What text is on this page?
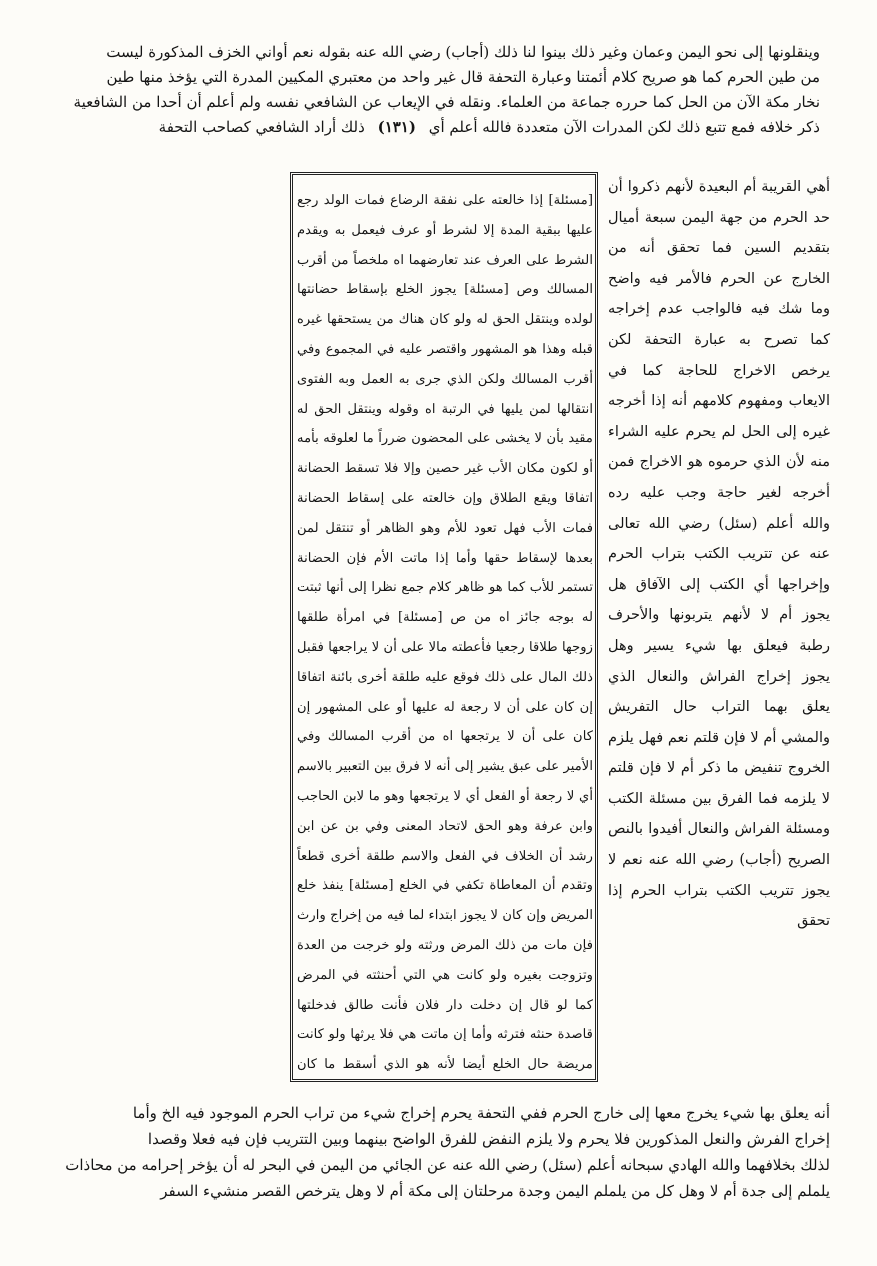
وينقلونها إلى نحو اليمن وعمان وغير ذلك بينوا لنا ذلك (أجاب) رضي الله عنه بقوله نعم أواني الخزف المذكورة ليست
من طين الحرم كما هو صريح كلام أئمتنا وعبارة التحفة قال غير واحد من معتبري المكيين المدرة التي يؤخذ منها طين
نخار مكة الآن من الحل كما حرره جماعة من العلماء. ونقله في الإيعاب عن الشافعي نفسه ولم أعلم أن أحدا من الشافعية
ذكر خلافه فمع تتبع ذلك لكن المدرات الآن متعددة فالله أعلم أي (١٣١) ذلك أراد الشافعي كصاحب التحفة
أهي القريبة أم البعيدة لأنهم ذكروا أن حد الحرم من جهة اليمن سبعة أميال بتقديم السين فما تحقق أنه من الخارج عن الحرم فالأمر فيه واضح وما شك فيه فالواجب عدم إخراجه كما تصرح به عبارة التحفة لكن يرخص الاخراج للحاجة كما في الايعاب ومفهوم كلامهم أنه إذا أخرجه غيره إلى الحل لم يحرم عليه الشراء منه لأن الذي حرموه هو الاخراج فمن أخرجه لغير حاجة وجب عليه رده والله أعلم (سئل) رضي الله تعالى عنه عن تتريب الكتب بتراب الحرم وإخراجها أي الكتب إلى الآفاق هل يجوز أم لا لأنهم يتربونها والأحرف رطبة فيعلق بها شيء يسير وهل يجوز إخراج الفراش والنعال الذي يعلق بهما التراب حال التفريش والمشي أم لا فإن قلتم نعم فهل يلزم الخروج تنفيض ما ذكر أم لا فإن قلتم لا يلزمه فما الفرق بين مسئلة الكتب ومسئلة الفراش والنعال أفيدوا بالنص الصريح (أجاب) رضي الله عنه نعم لا يجوز تتريب الكتب بتراب الحرم إذا تحقق
[مسئلة] إذا خالعته على نفقة الرضاع فمات الولد رجع عليها ببقية المدة إلا لشرط أو عرف فيعمل به ويقدم الشرط على العرف عند تعارضهما اه ملخصاً من أقرب المسالك وص [مسئلة] يجوز الخلع بإسقاط حضانتها لولده وينتقل الحق له ولو كان هناك من يستحقها غيره قبله وهذا هو المشهور واقتصر عليه في المجموع وفي أقرب المسالك ولكن الذي جرى به العمل وبه الفتوى انتقالها لمن يليها في الرتبة اه وقوله وينتقل الحق له مقيد بأن لا يخشى على المحضون ضرراً ما لعلوقه بأمه أو لكون مكان الأب غير حصين وإلا فلا تسقط الحضانة اتفاقا ويقع الطلاق وإن خالعته على إسقاط الحضانة فمات الأب فهل تعود للأم وهو الظاهر أو تنتقل لمن بعدها لإسقاط حقها وأما إذا ماتت الأم فإن الحضانة تستمر للأب كما هو ظاهر كلام جمع نظرا إلى أنها ثبتت له بوجه جائز اه من ص [مسئلة] في امرأة طلقها زوجها طلاقا رجعيا فأعطته مالا على أن لا يراجعها فقبل ذلك المال على ذلك فوقع عليه طلقة أخرى بائنة اتفاقا إن كان على أن لا رجعة له عليها أو على المشهور إن كان على أن لا يرتجعها اه من أقرب المسالك وفي الأمير على عبق يشير إلى أنه لا فرق بين التعبير بالاسم أي لا رجعة أو الفعل أي لا يرتجعها وهو ما لابن الحاجب وابن عرفة وهو الحق لاتحاد المعنى وفي بن عن ابن رشد أن الخلاف في الفعل والاسم طلقة أخرى قطعاً وتقدم أن المعاطاة تكفي في الخلع [مسئلة] ينفذ خلع المريض وإن كان لا يجوز ابتداء لما فيه من إخراج وارث فإن مات من ذلك المرض ورثته ولو خرجت من العدة وتزوجت بغيره ولو كانت هي التي أحنثته في المرض كما لو قال إن دخلت دار فلان فأنت طالق فدخلتها قاصدة حنثه فترثه وأما إن ماتت هي فلا يرثها ولو كانت مريضة حال الخلع أيضا لأنه هو الذي أسقط ما كان
أنه يعلق بها شيء يخرج معها إلى خارج الحرم ففي التحفة يحرم إخراج شيء من تراب الحرم الموجود فيه الخ وأما
إخراج الفرش والنعل المذكورين فلا يحرم ولا يلزم النفض للفرق الواضح بينهما وبين التتريب فإن فيه فعلا وقصدا
لذلك بخلافهما والله الهادي سبحانه أعلم (سئل) رضي الله عنه عن الجائي من اليمن في البحر له أن يؤخر إحرامه من محاذات
يلملم إلى جدة أم لا وهل كل من يلملم اليمن وجدة مرحلتان إلى مكة أم لا وهل يترخص القصر منشيء السفر
